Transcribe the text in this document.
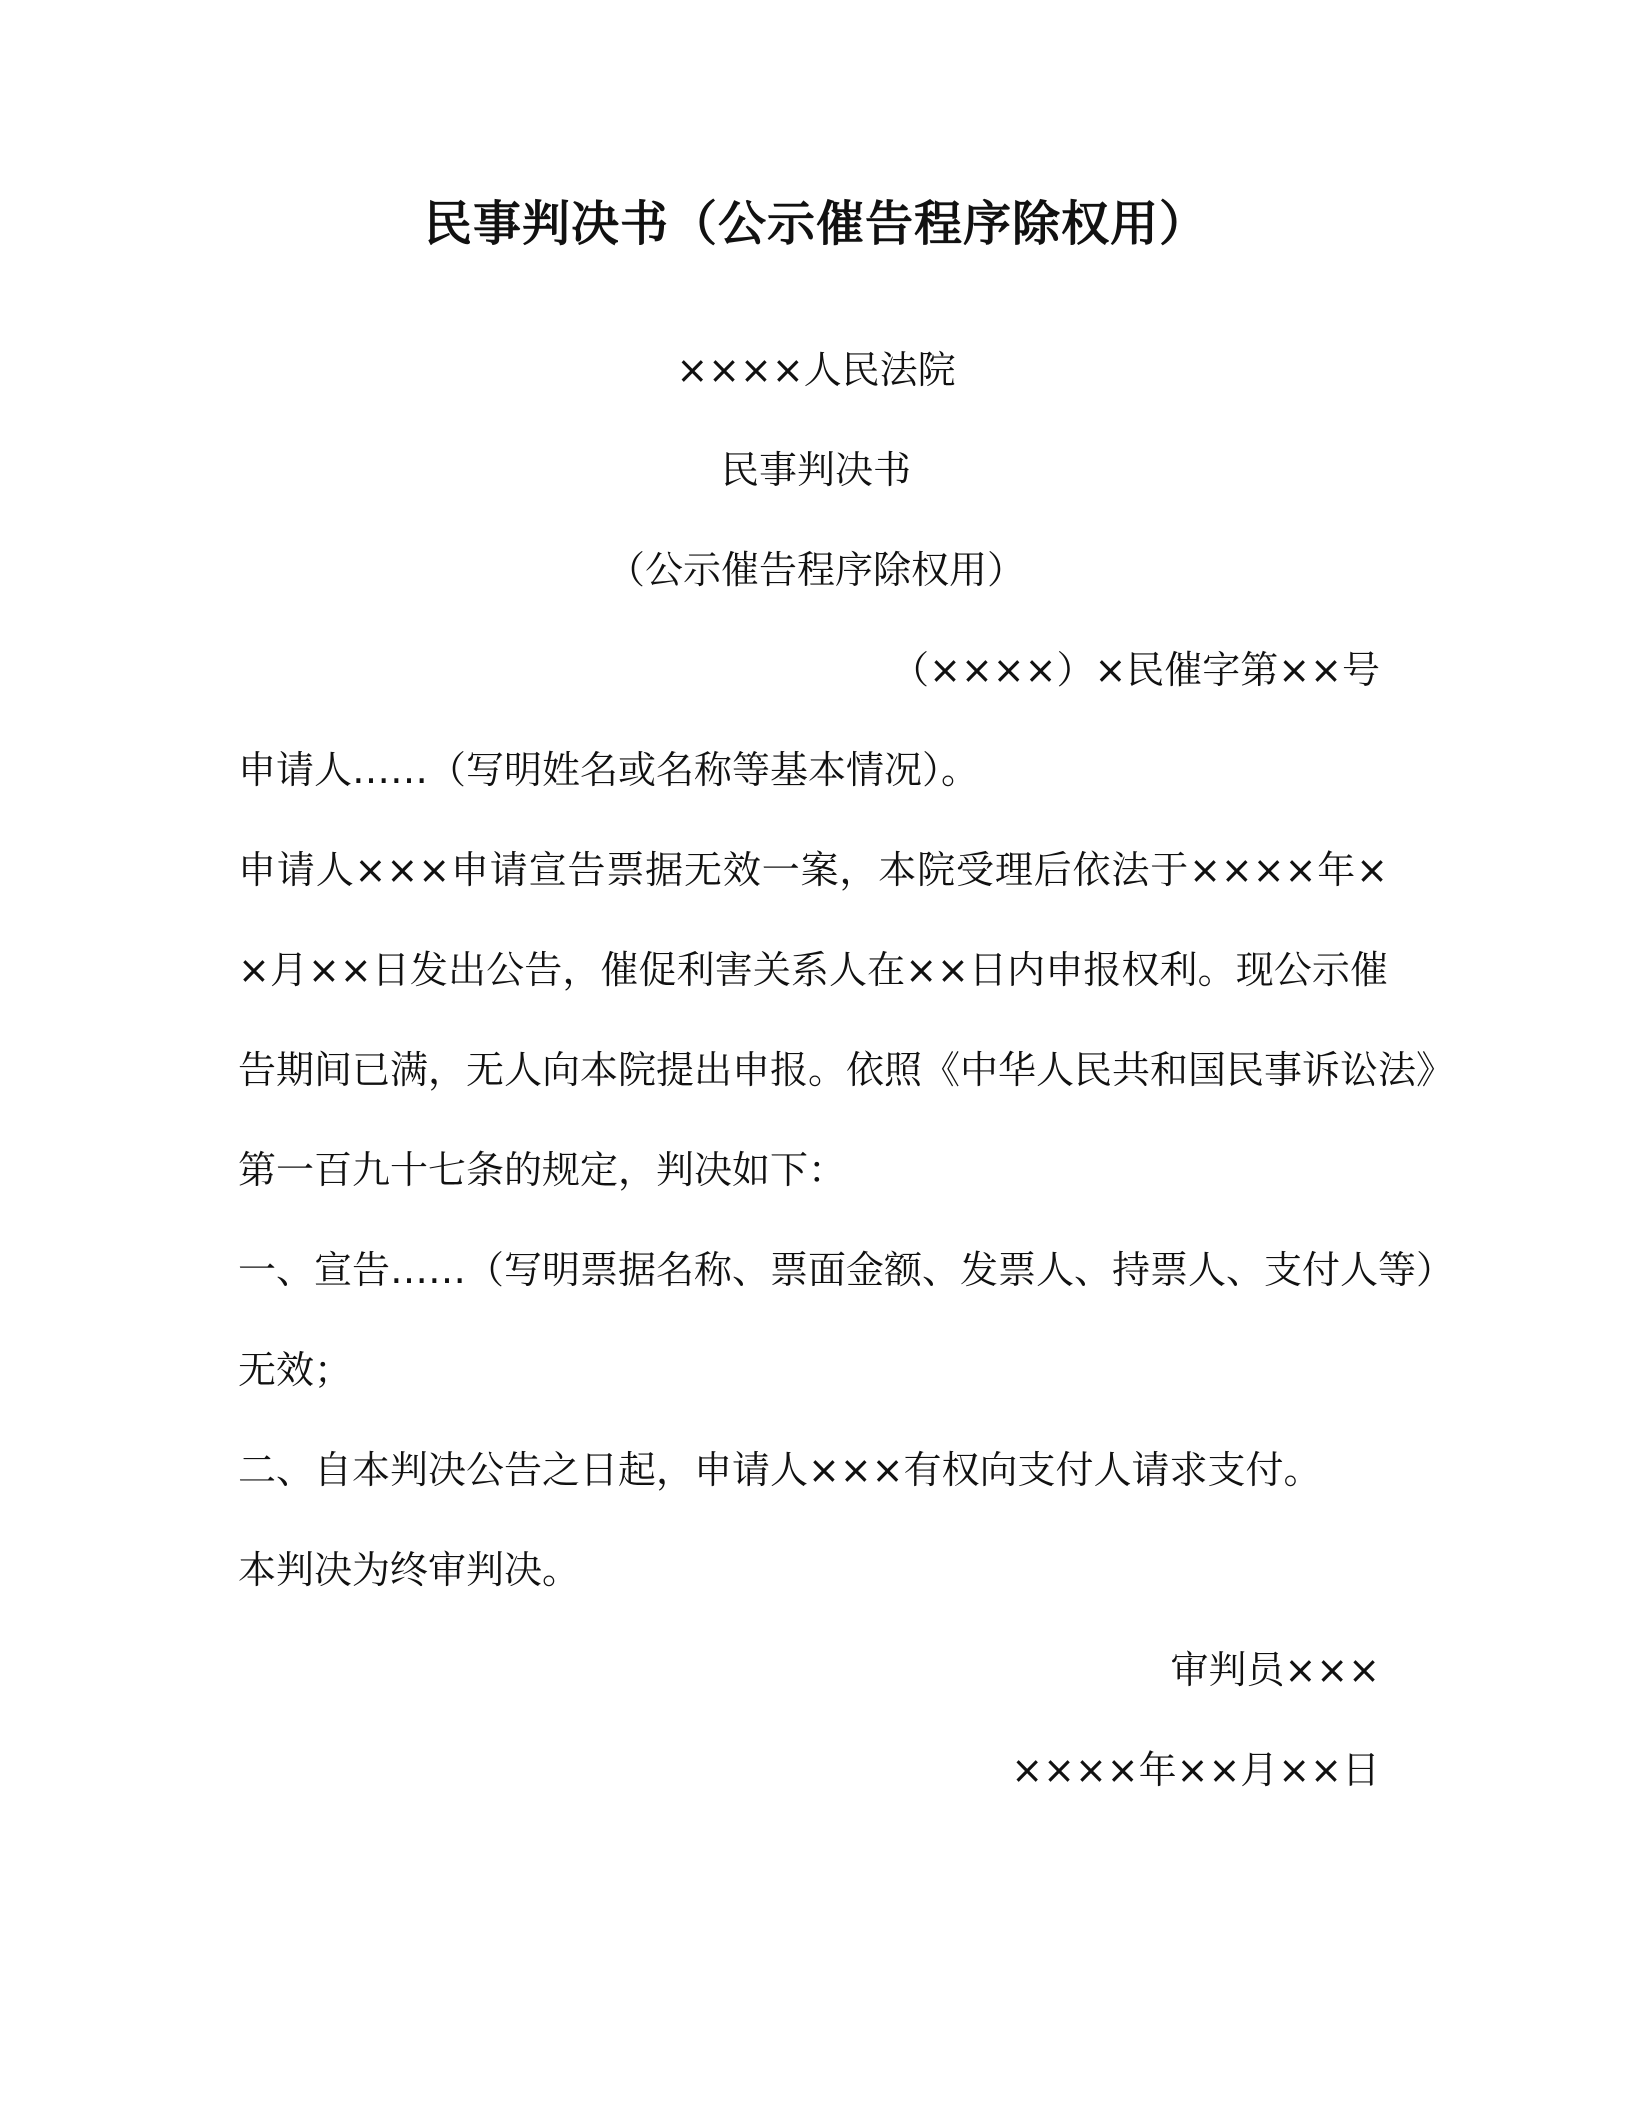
民事判决书（公示催告程序除权用）
××××人民法院
民事判决书
（公示催告程序除权用）
（××××）×民催字第××号
申请人……（写明姓名或名称等基本情况）。
申请人×××申请宣告票据无效一案，本院受理后依法于××××年×
×月××日发出公告，催促利害关系人在××日内申报权利。现公示催
告期间已满，无人向本院提出申报。依照《中华人民共和国民事诉讼法》
第一百九十七条的规定，判决如下：
一、宣告……（写明票据名称、票面金额、发票人、持票人、支付人等）
无效；
二、自本判决公告之日起，申请人×××有权向支付人请求支付。
本判决为终审判决。
审判员×××
××××年××月××日
